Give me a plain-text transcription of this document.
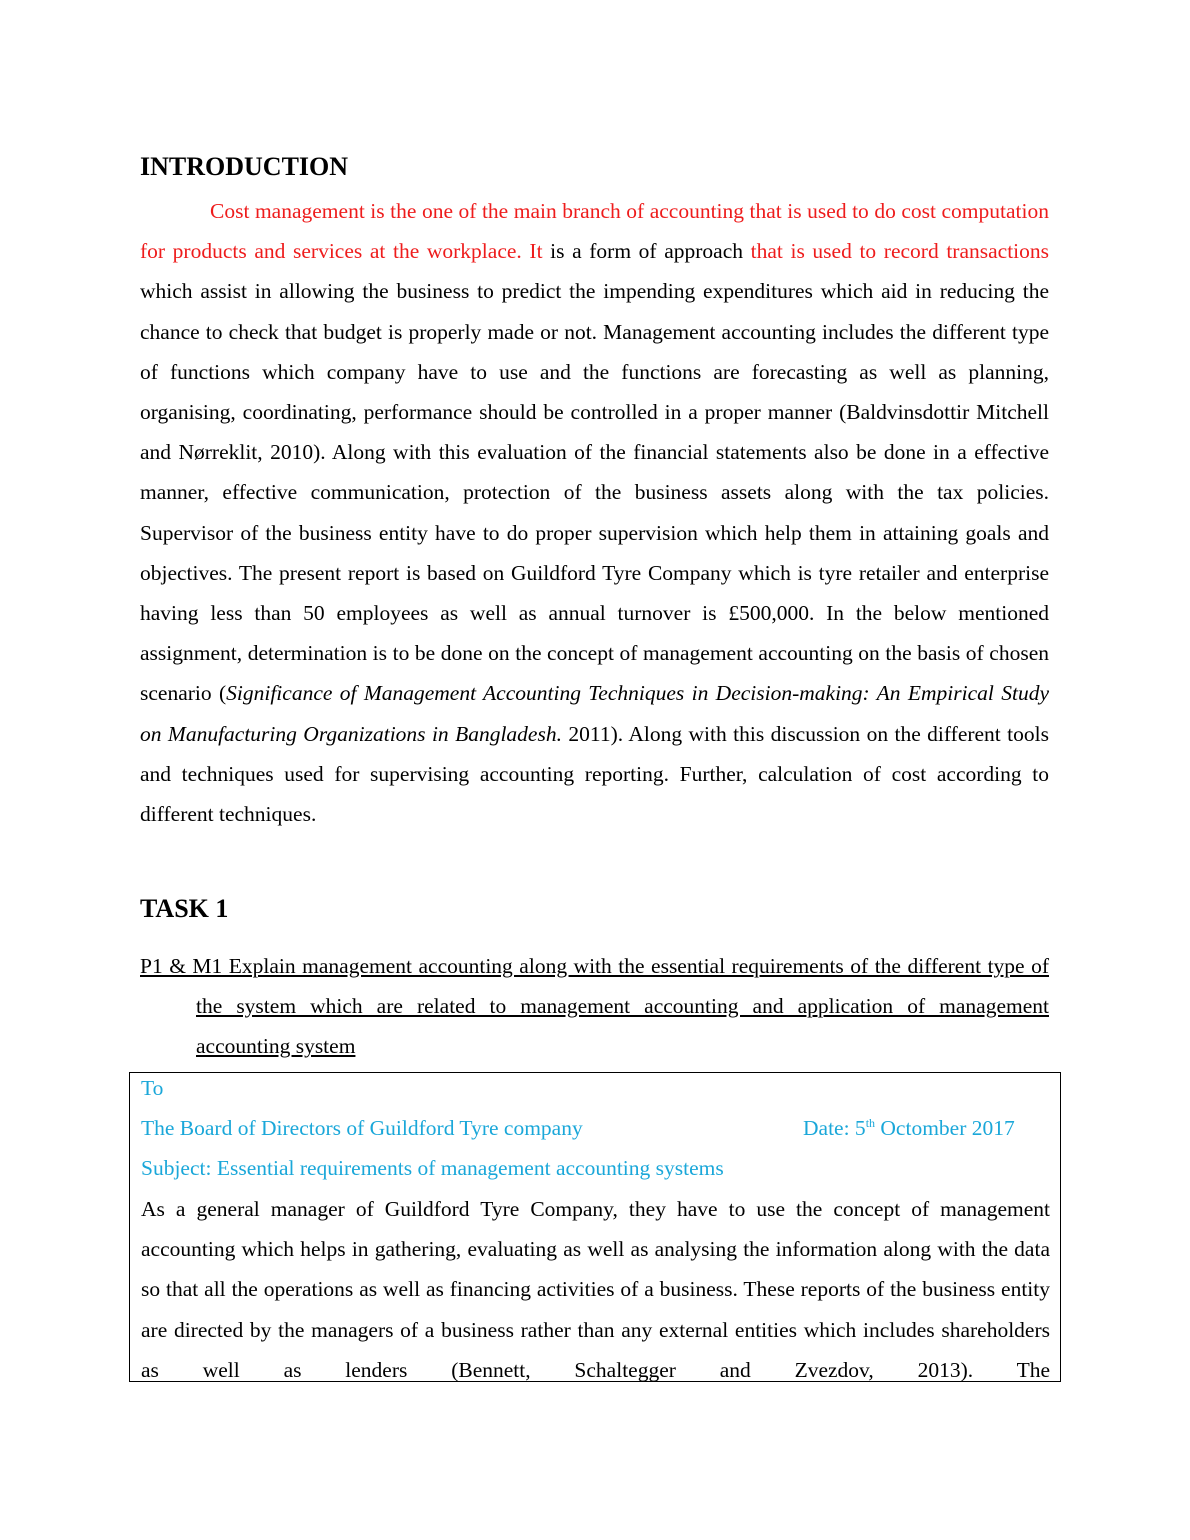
INTRODUCTION

Cost management is the one of the main branch of accounting that is used to do cost computation for products and services at the workplace. It is a form of approach that is used to record transactions which assist in allowing the business to predict the impending expenditures which aid in reducing the chance to check that budget is properly made or not. Management accounting includes the different type of functions which company have to use and the functions are forecasting as well as planning, organising, coordinating, performance should be controlled in a proper manner (Baldvinsdottir Mitchell and Nørreklit, 2010). Along with this evaluation of the financial statements also be done in a effective manner, effective communication, protection of the business assets along with the tax policies. Supervisor of the business entity have to do proper supervision which help them in attaining goals and objectives. The present report is based on Guildford Tyre Company which is tyre retailer and enterprise having less than 50 employees as well as annual turnover is £500,000. In the below mentioned assignment, determination is to be done on the concept of management accounting on the basis of chosen scenario (Significance of Management Accounting Techniques in Decision-making: An Empirical Study on Manufacturing Organizations in Bangladesh. 2011). Along with this discussion on the different tools and techniques used for supervising accounting reporting. Further, calculation of cost according to different techniques.

TASK 1

P1 & M1 Explain management accounting along with the essential requirements of the different type of the system which are related to management accounting and application of management accounting system

To

The Board of Directors of Guildford Tyre company	Date: 5th Octomber 2017

Subject: Essential requirements of management accounting systems

As a general manager of Guildford Tyre Company, they have to use the concept of management accounting which helps in gathering, evaluating as well as analysing the information along with the data so that all the operations as well as financing activities of a business. These reports of the business entity are directed by the managers of a business rather than any external entities which includes shareholders as well as lenders (Bennett, Schaltegger and Zvezdov, 2013). The
